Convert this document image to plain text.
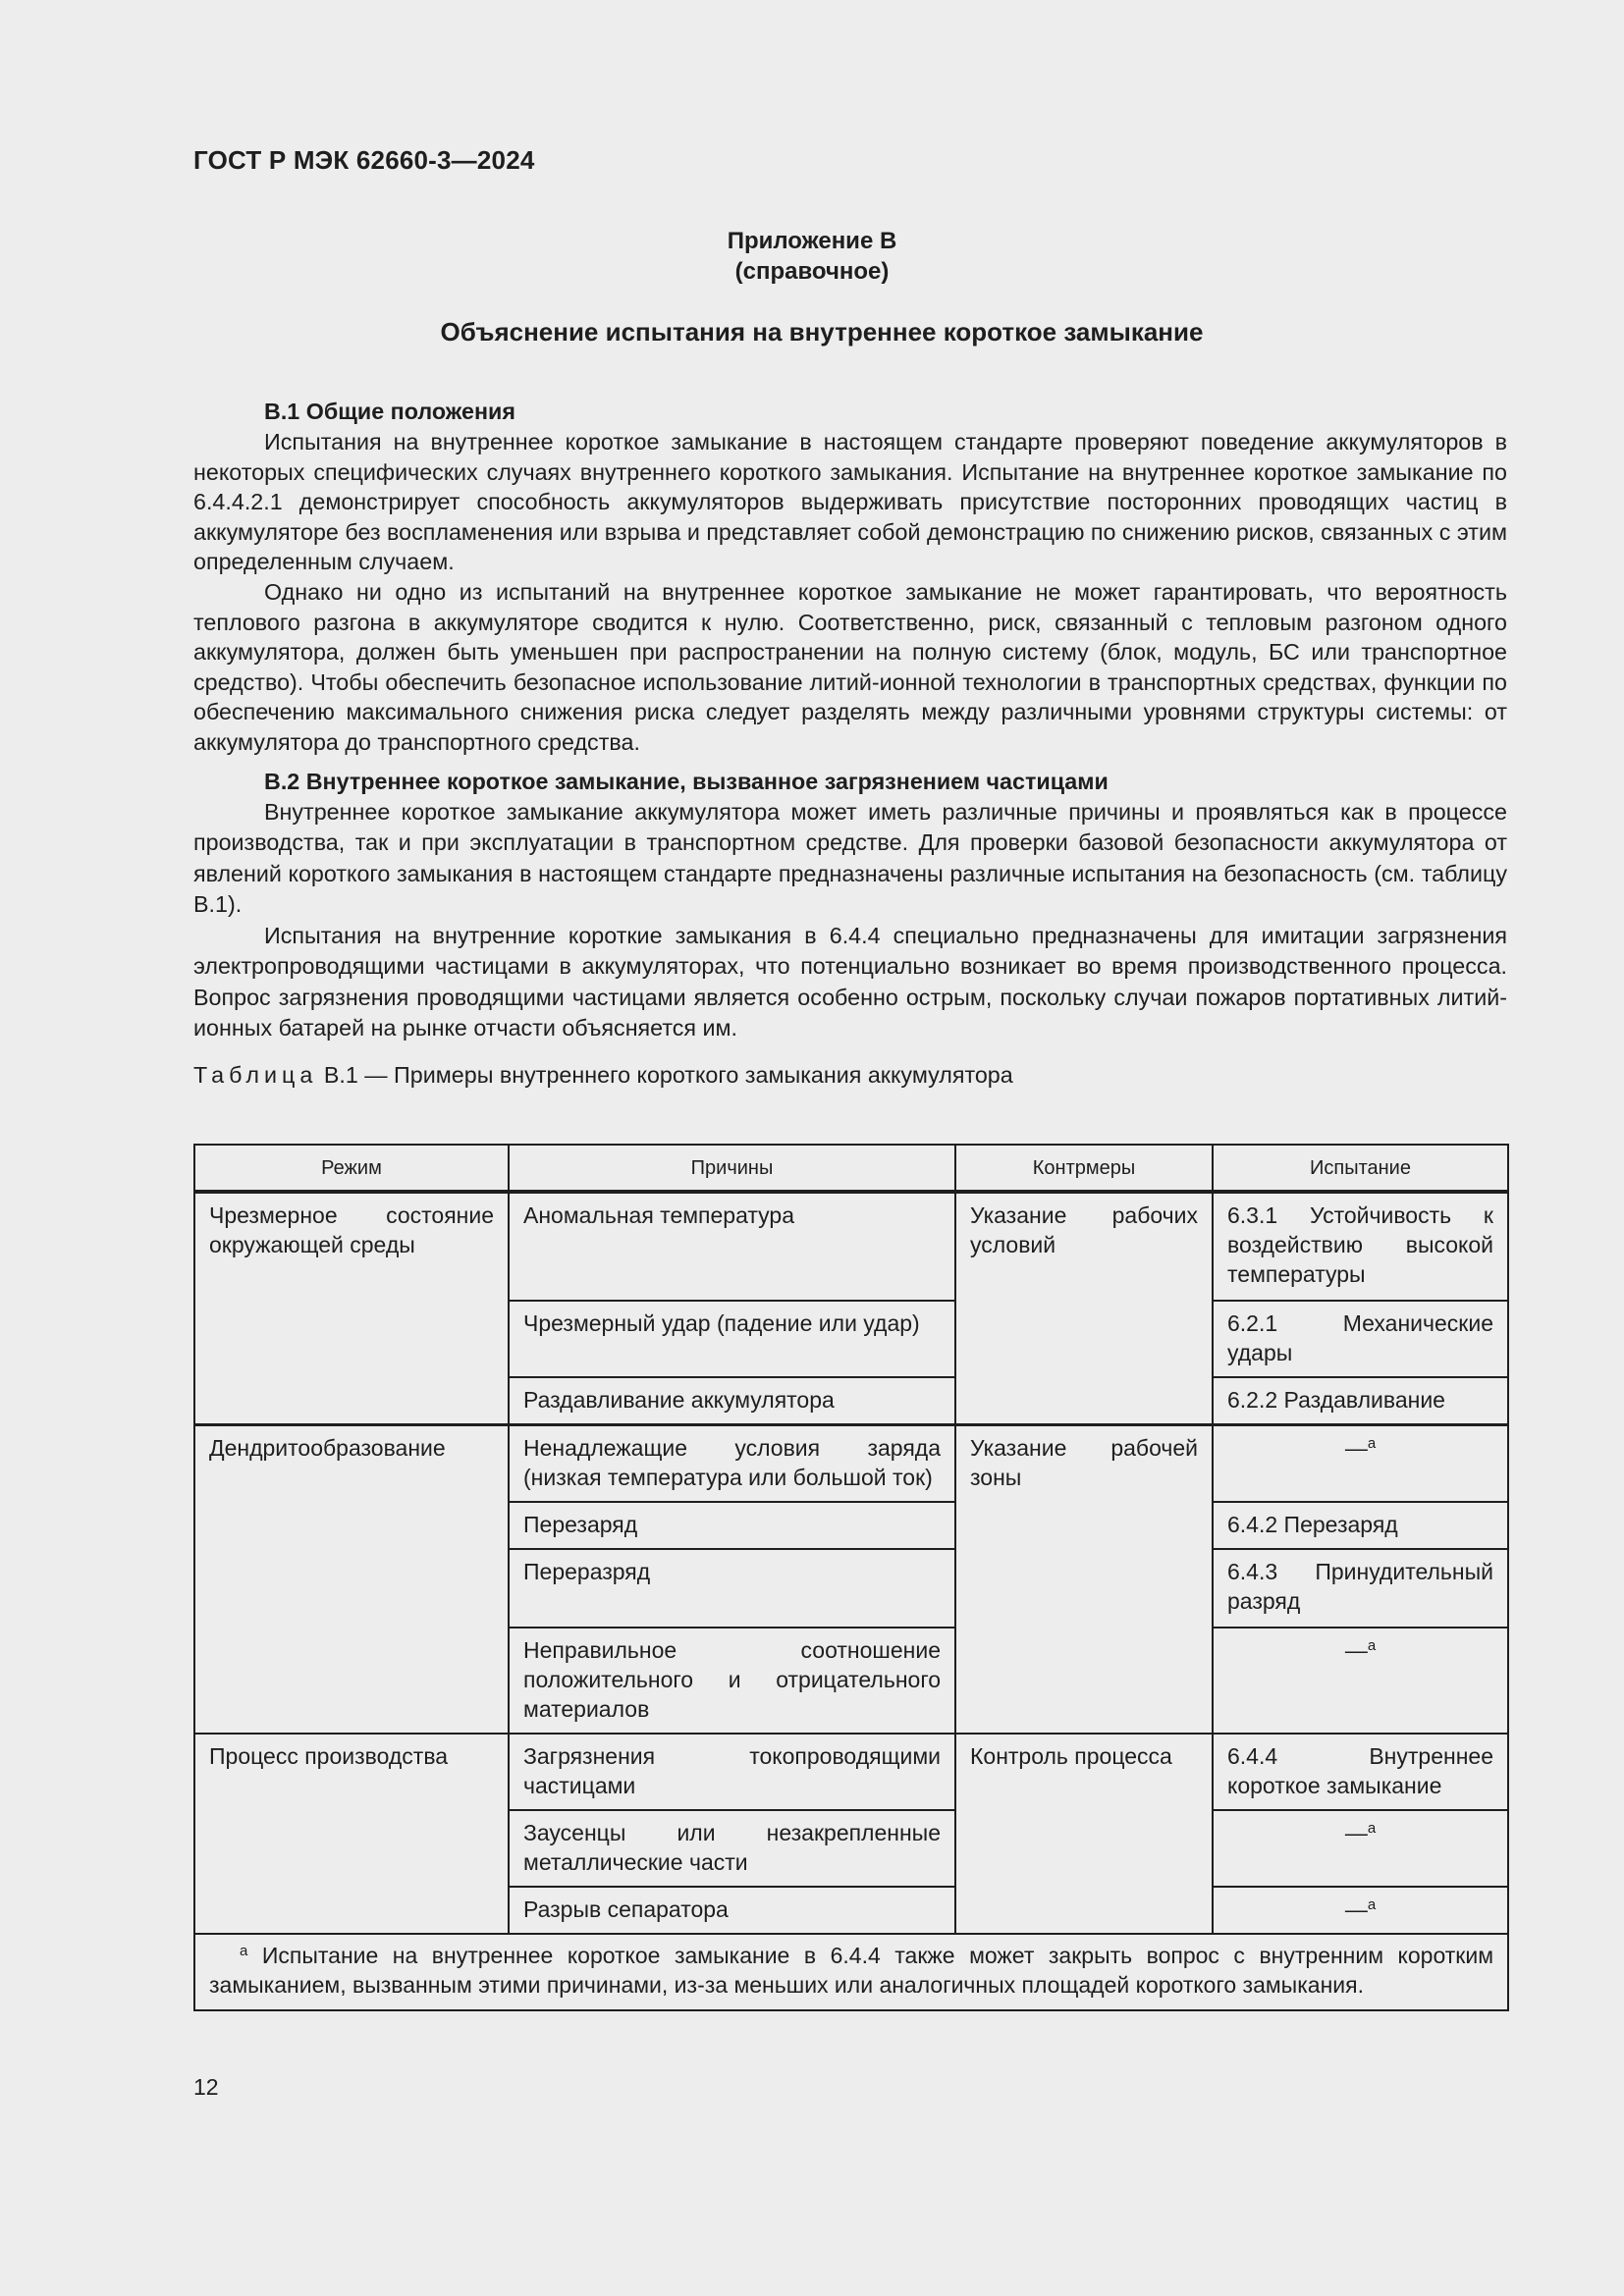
ГОСТ Р МЭК 62660-3—2024
Приложение В
(справочное)
Объяснение испытания на внутреннее короткое замыкание
В.1 Общие положения

Испытания на внутреннее короткое замыкание в настоящем стандарте проверяют поведение аккумуляторов в некоторых специфических случаях внутреннего короткого замыкания. Испытание на внутреннее короткое замыкание по 6.4.4.2.1 демонстрирует способность аккумуляторов выдерживать присутствие посторонних проводящих частиц в аккумуляторе без воспламенения или взрыва и представляет собой демонстрацию по снижению рисков, связанных с этим определенным случаем.

Однако ни одно из испытаний на внутреннее короткое замыкание не может гарантировать, что вероятность теплового разгона в аккумуляторе сводится к нулю. Соответственно, риск, связанный с тепловым разгоном одного аккумулятора, должен быть уменьшен при распространении на полную систему (блок, модуль, БС или транспортное средство). Чтобы обеспечить безопасное использование литий-ионной технологии в транспортных средствах, функции по обеспечению максимального снижения риска следует разделять между различными уровнями структуры системы: от аккумулятора до транспортного средства.

В.2 Внутреннее короткое замыкание, вызванное загрязнением частицами

Внутреннее короткое замыкание аккумулятора может иметь различные причины и проявляться как в процессе производства, так и при эксплуатации в транспортном средстве. Для проверки базовой безопасности аккумулятора от явлений короткого замыкания в настоящем стандарте предназначены различные испытания на безопасность (см. таблицу В.1).

Испытания на внутренние короткие замыкания в 6.4.4 специально предназначены для имитации загрязнения электропроводящими частицами в аккумуляторах, что потенциально возникает во время производственного процесса. Вопрос загрязнения проводящими частицами является особенно острым, поскольку случаи пожаров портативных литий-ионных батарей на рынке отчасти объясняется им.

Таблица В.1 — Примеры внутреннего короткого замыкания аккумулятора
Режим	Причины	Контрмеры	Испытание
Чрезмерное состояние окружающей среды	Аномальная температура	Указание рабочих условий	6.3.1 Устойчивость к воздействию высокой температуры
	Чрезмерный удар (падение или удар)		6.2.1 Механические удары
	Раздавливание аккумулятора		6.2.2 Раздавливание
Дендритообразование	Ненадлежащие условия заряда (низкая температура или большой ток)	Указание рабочей зоны	—$^a$
	Перезаряд		6.4.2 Перезаряд
	Переразряд		6.4.3 Принудительный разряд
	Неправильное соотношение положительного и отрицательного материалов		—$^a$
Процесс производства	Загрязнения токопроводящими частицами	Контроль процесса	6.4.4 Внутреннее короткое замыкание
	Заусенцы или незакрепленные металлические части		—$^a$
	Разрыв сепаратора		—$^a$
$^a$ Испытание на внутреннее короткое замыкание в 6.4.4 также может закрыть вопрос с внутренним коротким замыканием, вызванным этими причинами, из-за меньших или аналогичных площадей короткого замыкания.			
12
